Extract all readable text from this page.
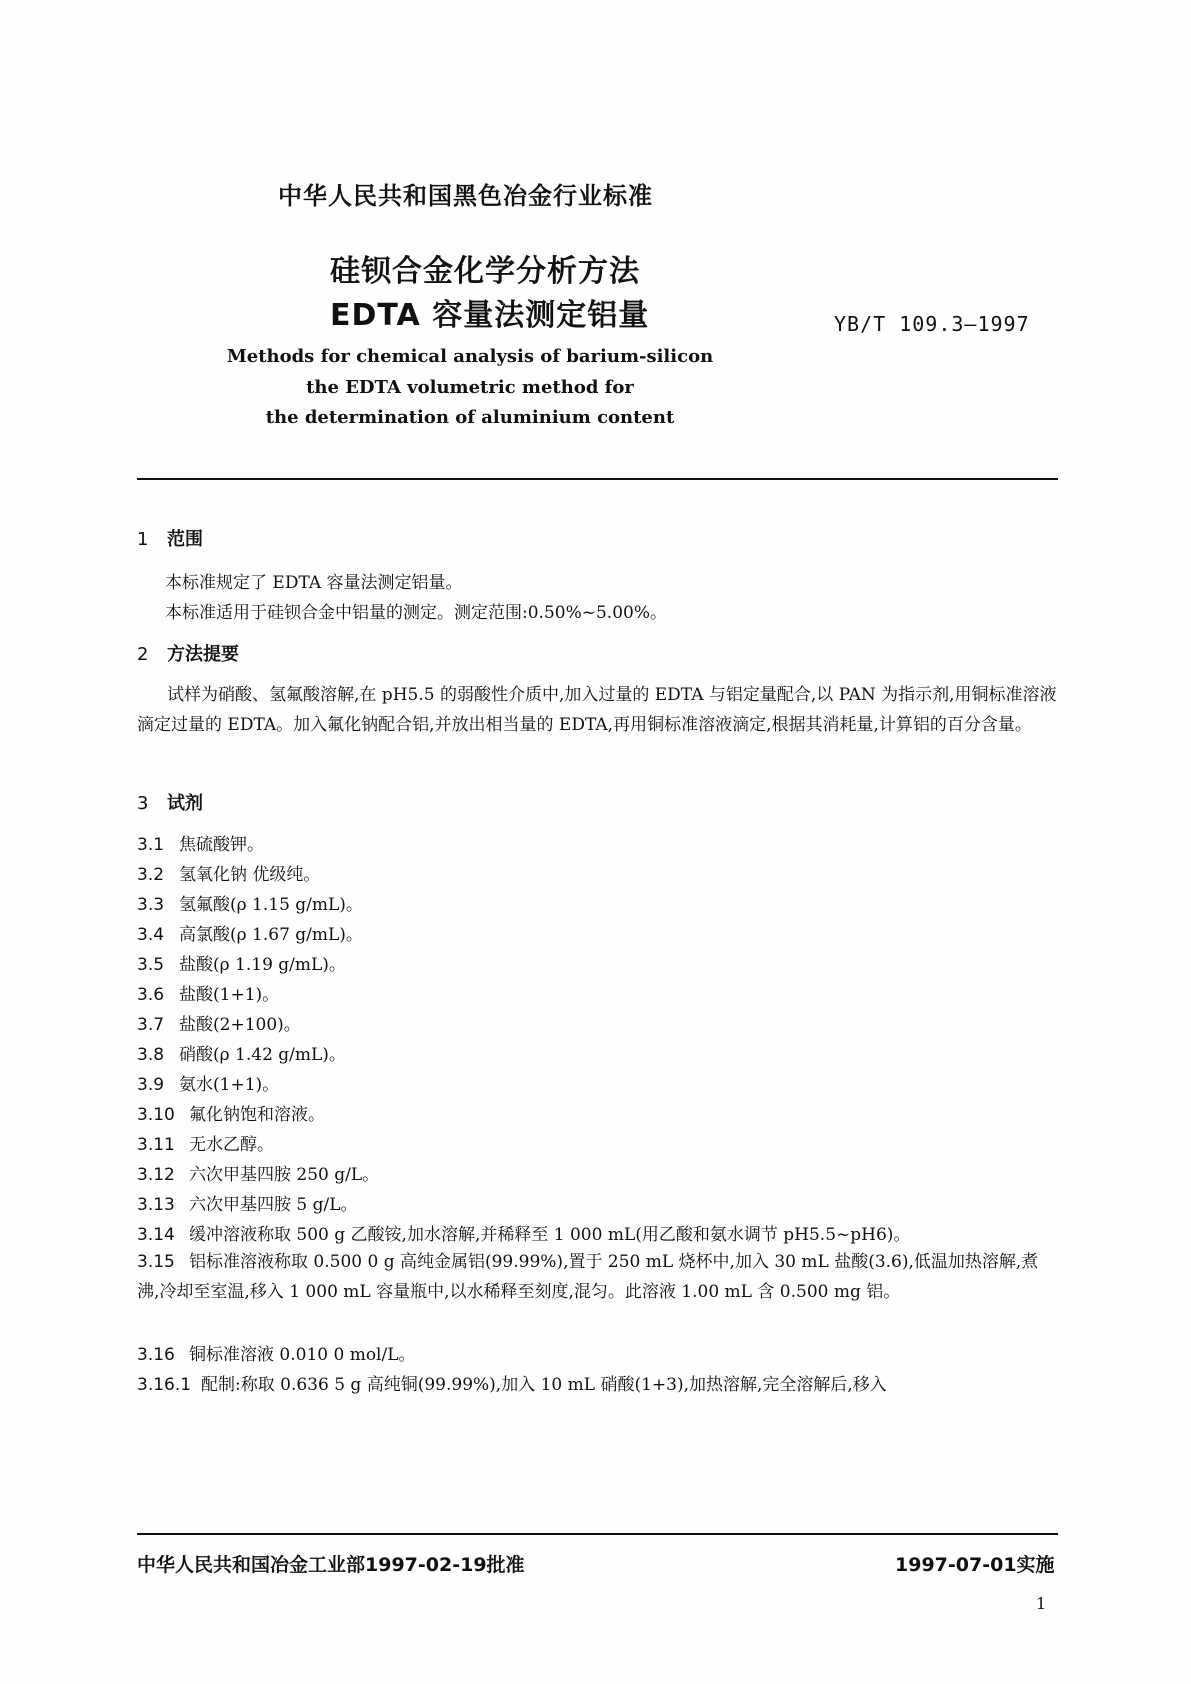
中华人民共和国黑色冶金行业标准
硅钡合金化学分析方法
EDTA 容量法测定铝量	YB/T 109.3—1997
Methods for chemical analysis of barium-silicon
the EDTA volumetric method for
the determination of aluminium content
1 范围
本标准规定了 EDTA 容量法测定铝量。
本标准适用于硅钡合金中铝量的测定。测定范围:0.50%~5.00%。
2 方法提要
试样为硝酸、氢氟酸溶解,在 pH5.5 的弱酸性介质中,加入过量的 EDTA 与铝定量配合,以 PAN 为指示剂,用铜标准溶液滴定过量的 EDTA。加入氟化钠配合铝,并放出相当量的 EDTA,再用铜标准溶液滴定,根据其消耗量,计算铝的百分含量。
3 试剂
3.1 焦硫酸钾。
3.2 氢氧化钠 优级纯。
3.3 氢氟酸(ρ 1.15 g/mL)。
3.4 高氯酸(ρ 1.67 g/mL)。
3.5 盐酸(ρ 1.19 g/mL)。
3.6 盐酸(1+1)。
3.7 盐酸(2+100)。
3.8 硝酸(ρ 1.42 g/mL)。
3.9 氨水(1+1)。
3.10 氟化钠饱和溶液。
3.11 无水乙醇。
3.12 六次甲基四胺 250 g/L。
3.13 六次甲基四胺 5 g/L。
3.14 缓冲溶液称取 500 g 乙酸铵,加水溶解,并稀释至 1 000 mL(用乙酸和氨水调节 pH5.5~pH6)。
3.15 铝标准溶液称取 0.500 0 g 高纯金属铝(99.99%),置于 250 mL 烧杯中,加入 30 mL 盐酸(3.6),低温加热溶解,煮沸,冷却至室温,移入 1 000 mL 容量瓶中,以水稀释至刻度,混匀。此溶液 1.00 mL 含 0.500 mg 铝。
3.16 铜标准溶液 0.010 0 mol/L。
3.16.1 配制:称取 0.636 5 g 高纯铜(99.99%),加入 10 mL 硝酸(1+3),加热溶解,完全溶解后,移入
中华人民共和国冶金工业部1997-02-19批准	1997-07-01实施
1
